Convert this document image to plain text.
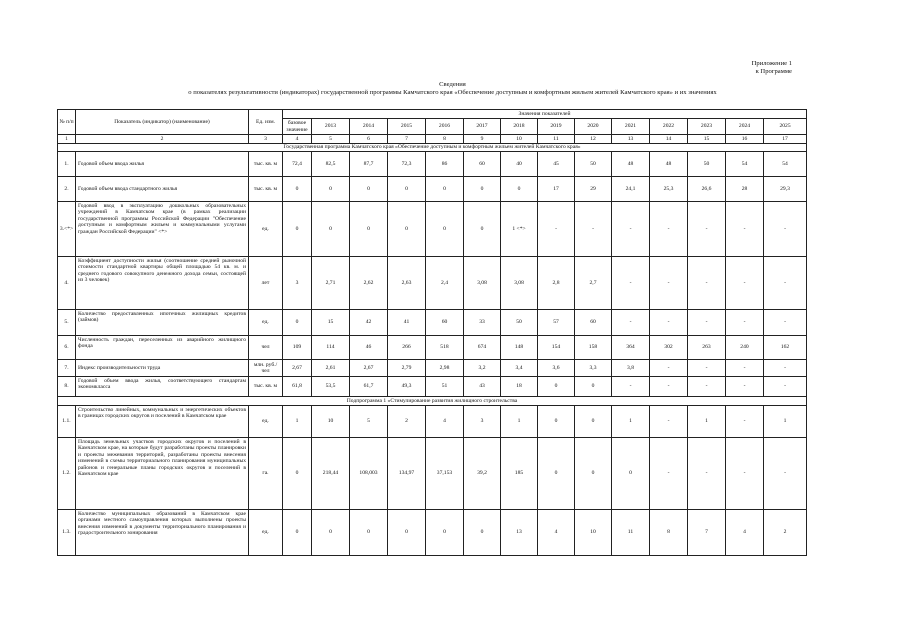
Приложение 1
к Программе
Сведения
о показателях результативности (индикаторах) государственной программы Камчатского края «Обеспечение доступным и комфортным жильем жителей Камчатского края» и их значениях
№ п/п	Показатель (индикатор) (наименование)	Ед. изм.	Значения показателей													
			базовое значение	2013	2014	2015	2016	2017	2018	2019	2020	2021	2022	2023	2024	2025
1	2	3	4	5	6	7	8	9	10	11	12	13	14	15	16	17
Государственная программа Камчатского края «Обеспечение доступным и комфортным жильем жителей Камчатского края»																
1.	Годовой объем ввода жилья	тыс. кв. м	72,4	82,5	87,7	72,3	86	60	40	45	50	48	48	50	54	54
2.	Годовой объем ввода стандартного жилья	тыс. кв. м	0	0	0	0	0	0	0	17	29	24,1	25,3	26,6	28	29,3
3.<*>	Годовой ввод в эксплуатацию дошкольных образовательных учреждений в Камчатском крае (в рамках реализации государственной программы Российской Федерации "Обеспечение доступным и комфортным жильем и коммунальными услугами граждан Российской Федерации" <*>	ед.	0	0	0	0	0	0	1 <*>	-	-	-	-	-	-	-
4.	Коэффициент доступности жилья (соотношение средней рыночной стоимости стандартной квартиры общей площадью 54 кв. м. и среднего годового совокупного денежного дохода семьи, состоящей из 3 человек)	лет	3	2,71	2,62	2,63	2,4	3,08	3,08	2,8	2,7	-	-	-	-	-
5.	Количество предоставленных ипотечных жилищных кредитов (займов)	ед.	0	15	42	41	60	33	50	57	60	-	-	-	-	-
6.	Численность граждан, переселенных из аварийного жилищного фонда	чел	109	114	46	266	518	674	148	154	158	364	302	263	240	162
7.	Индекс производительности труда	млн. руб./чел	2,67	2,61	2,67	2,79	2,98	3,2	3,4	3,6	3,3	3,8	-	-	-	-
8.	Годовой объем ввода жилья, соответствующего стандартам экономкласса	тыс. кв. м	61,8	53,5	61,7	49,3	51	43	18	0	0	-	-	-	-	-
Подпрограмма 1 «Стимулирование развития жилищного строительства																
1.1.	Строительство линейных, коммунальных и энергетических объектов в границах городских округов и поселений в Камчатском крае	ед.	1	10	5	2	4	3	1	0	0	1	-	1	-	1
1.2.	Площадь земельных участков городских округов и поселений в Камчатском крае, на которые будут разработаны проекты планировки и проекты межевания территорий, разработаны проекты внесения изменений в схемы территориального планирования муниципальных районов и генеральные планы городских округов и поселений в Камчатском крае	га.	0	218,44	108,003	134,97	37,153	39,2	185	0	0	0	-	-	-	-
1.3.	Количество муниципальных образований в Камчатском крае органами местного самоуправления которых выполнены проекты внесения изменений в документы территориального планирования и градостроительного зонирования	ед.	0	0	0	0	0	0	13	4	10	11	8	7	4	2
